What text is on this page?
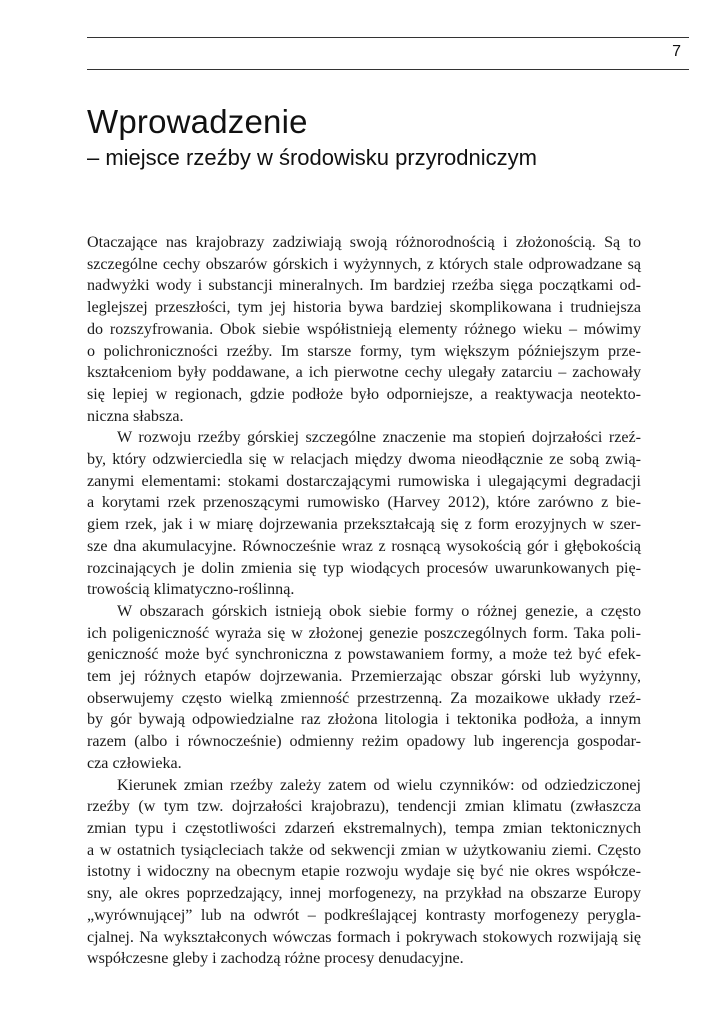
7
Wprowadzenie
– miejsce rzeźby w środowisku przyrodniczym
Otaczające nas krajobrazy zadziwiają swoją różnorodnością i złożonością. Są to
szczególne cechy obszarów górskich i wyżynnych, z których stale odprowadzane są
nadwyżki wody i substancji mineralnych. Im bardziej rzeźba sięga początkami od-
leglejszej przeszłości, tym jej historia bywa bardziej skomplikowana i trudniejsza
do rozszyfrowania. Obok siebie współistnieją elementy różnego wieku – mówimy
o polichroniczności rzeźby. Im starsze formy, tym większym późniejszym prze-
kształceniom były poddawane, a ich pierwotne cechy ulegały zatarciu – zachowały
się lepiej w regionach, gdzie podłoże było odporniejsze, a reaktywacja neotekto-
niczna słabsza.
W rozwoju rzeźby górskiej szczególne znaczenie ma stopień dojrzałości rzeź-
by, który odzwierciedla się w relacjach między dwoma nieodłącznie ze sobą zwią-
zanymi elementami: stokami dostarczającymi rumowiska i ulegającymi degradacji
a korytami rzek przenoszącymi rumowisko (Harvey 2012), które zarówno z bie-
giem rzek, jak i w miarę dojrzewania przekształcają się z form erozyjnych w szer-
sze dna akumulacyjne. Równocześnie wraz z rosnącą wysokością gór i głębokością
rozcinających je dolin zmienia się typ wiodących procesów uwarunkowanych pię-
trowością klimatyczno-roślinną.
W obszarach górskich istnieją obok siebie formy o różnej genezie, a często
ich poligeniczność wyraża się w złożonej genezie poszczególnych form. Taka poli-
geniczność może być synchroniczna z powstawaniem formy, a może też być efek-
tem jej różnych etapów dojrzewania. Przemierzając obszar górski lub wyżynny,
obserwujemy często wielką zmienność przestrzenną. Za mozaikowe układy rzeź-
by gór bywają odpowiedzialne raz złożona litologia i tektonika podłoża, a innym
razem (albo i równocześnie) odmienny reżim opadowy lub ingerencja gospodar-
cza człowieka.
Kierunek zmian rzeźby zależy zatem od wielu czynników: od odziedziczonej
rzeźby (w tym tzw. dojrzałości krajobrazu), tendencji zmian klimatu (zwłaszcza
zmian typu i częstotliwości zdarzeń ekstremalnych), tempa zmian tektonicznych
a w ostatnich tysiącleciach także od sekwencji zmian w użytkowaniu ziemi. Często
istotny i widoczny na obecnym etapie rozwoju wydaje się być nie okres współcze-
sny, ale okres poprzedzający, innej morfogenezy, na przykład na obszarze Europy
„wyrównującej” lub na odwrót – podkreślającej kontrasty morfogenezy peryglа-
cjalnej. Na wykształconych wówczas formach i pokrywach stokowych rozwijają się
współczesne gleby i zachodzą różne procesy denudacyjne.
